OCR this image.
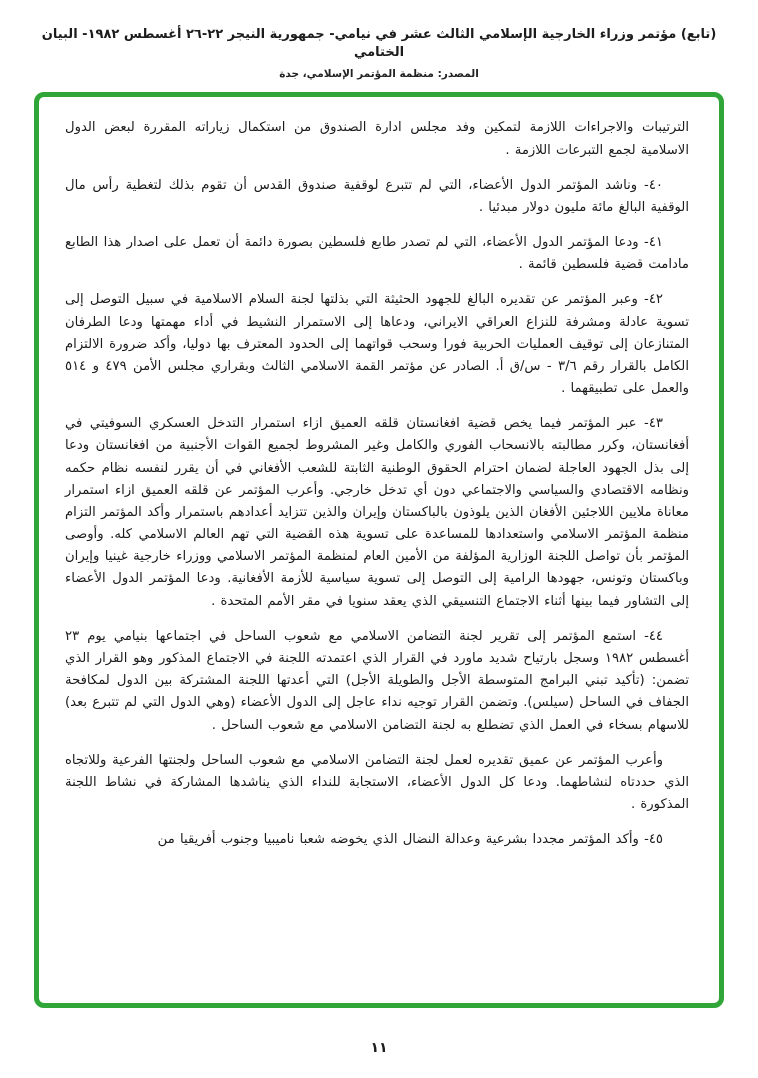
(تابع) مؤتمر وزراء الخارجية الإسلامي الثالث عشر في نيامي- جمهورية النيجر ٢٢-٢٦ أغسطس ١٩٨٢- البيان الختامي
المصدر: منظمة المؤتمر الإسلامي، جدة

الترتيبات والاجراءات اللازمة لتمكين وفد مجلس ادارة الصندوق من استكمال زياراته المقررة لبعض الدول الاسلامية لجمع التبرعات اللازمة .

٤٠- وناشد المؤتمر الدول الأعضاء، التي لم تتبرع لوقفية صندوق القدس أن تقوم بذلك لتغطية رأس مال الوقفية البالغ مائة مليون دولار مبدئيا .

٤١- ودعا المؤتمر الدول الأعضاء، التي لم تصدر طابع فلسطين بصورة دائمة أن تعمل على اصدار هذا الطابع مادامت قضية فلسطين قائمة .

٤٢- وعبر المؤتمر عن تقديره البالغ للجهود الحثيثة التي بذلتها لجنة السلام الاسلامية في سبيل التوصل إلى تسوية عادلة ومشرفة للنزاع العراقي الايراني، ودعاها إلى الاستمرار النشيط في أداء مهمتها ودعا الطرفان المتنازعان إلى توقيف العمليات الحربية فورا وسحب قواتهما إلى الحدود المعترف بها دوليا، وأكد ضرورة الالتزام الكامل بالقرار رقم ٣/٦ - س/ق أ. الصادر عن مؤتمر القمة الاسلامي الثالث وبقراري مجلس الأمن ٤٧٩ و ٥١٤ والعمل على تطبيقهما .

٤٣- عبر المؤتمر فيما يخص قضية افغانستان قلقه العميق ازاء استمرار التدخل العسكري السوفيتي في أفغانستان، وكرر مطالبته بالانسحاب الفوري والكامل وغير المشروط لجميع القوات الأجنبية من افغانستان ودعا إلى بذل الجهود العاجلة لضمان احترام الحقوق الوطنية الثابتة للشعب الأفغاني في أن يقرر لنفسه نظام حكمه ونظامه الاقتصادي والسياسي والاجتماعي دون أي تدخل خارجي. وأعرب المؤتمر عن قلقه العميق ازاء استمرار معاناة ملايين اللاجئين الأفغان الذين يلوذون بالباكستان وإيران والذين تتزايد أعدادهم باستمرار وأكد المؤتمر التزام منظمة المؤتمر الاسلامي واستعدادها للمساعدة على تسوية هذه القضية التي تهم العالم الاسلامي كله. وأوصى المؤتمر بأن تواصل اللجنة الوزارية المؤلفة من الأمين العام لمنظمة المؤتمر الاسلامي ووزراء خارجية غينيا وإيران وباكستان وتونس، جهودها الرامية إلى التوصل إلى تسوية سياسية للأزمة الأفغانية. ودعا المؤتمر الدول الأعضاء إلى التشاور فيما بينها أثناء الاجتماع التنسيقي الذي يعقد سنويا في مقر الأمم المتحدة .

٤٤- استمع المؤتمر إلى تقرير لجنة التضامن الاسلامي مع شعوب الساحل في اجتماعها بنيامي يوم ٢٣ أغسطس ١٩٨٢ وسجل بارتياح شديد ماورد في القرار الذي اعتمدته اللجنة في الاجتماع المذكور وهو القرار الذي تضمن: (تأكيد تبني البرامج المتوسطة الأجل والطويلة الأجل) التي أعدتها اللجنة المشتركة بين الدول لمكافحة الجفاف في الساحل (سيلس). وتضمن القرار توجيه نداء عاجل إلى الدول الأعضاء (وهي الدول التي لم تتبرع بعد) للاسهام بسخاء في العمل الذي تضطلع به لجنة التضامن الاسلامي مع شعوب الساحل .

وأعرب المؤتمر عن عميق تقديره لعمل لجنة التضامن الاسلامي مع شعوب الساحل ولجنتها الفرعية وللاتجاه الذي حددتاه لنشاطهما. ودعا كل الدول الأعضاء، الاستجابة للنداء الذي يناشدها المشاركة في نشاط اللجنة المذكورة .

٤٥- وأكد المؤتمر مجددا بشرعية وعدالة النضال الذي يخوضه شعبا ناميبيا وجنوب أفريقيا من

١١
